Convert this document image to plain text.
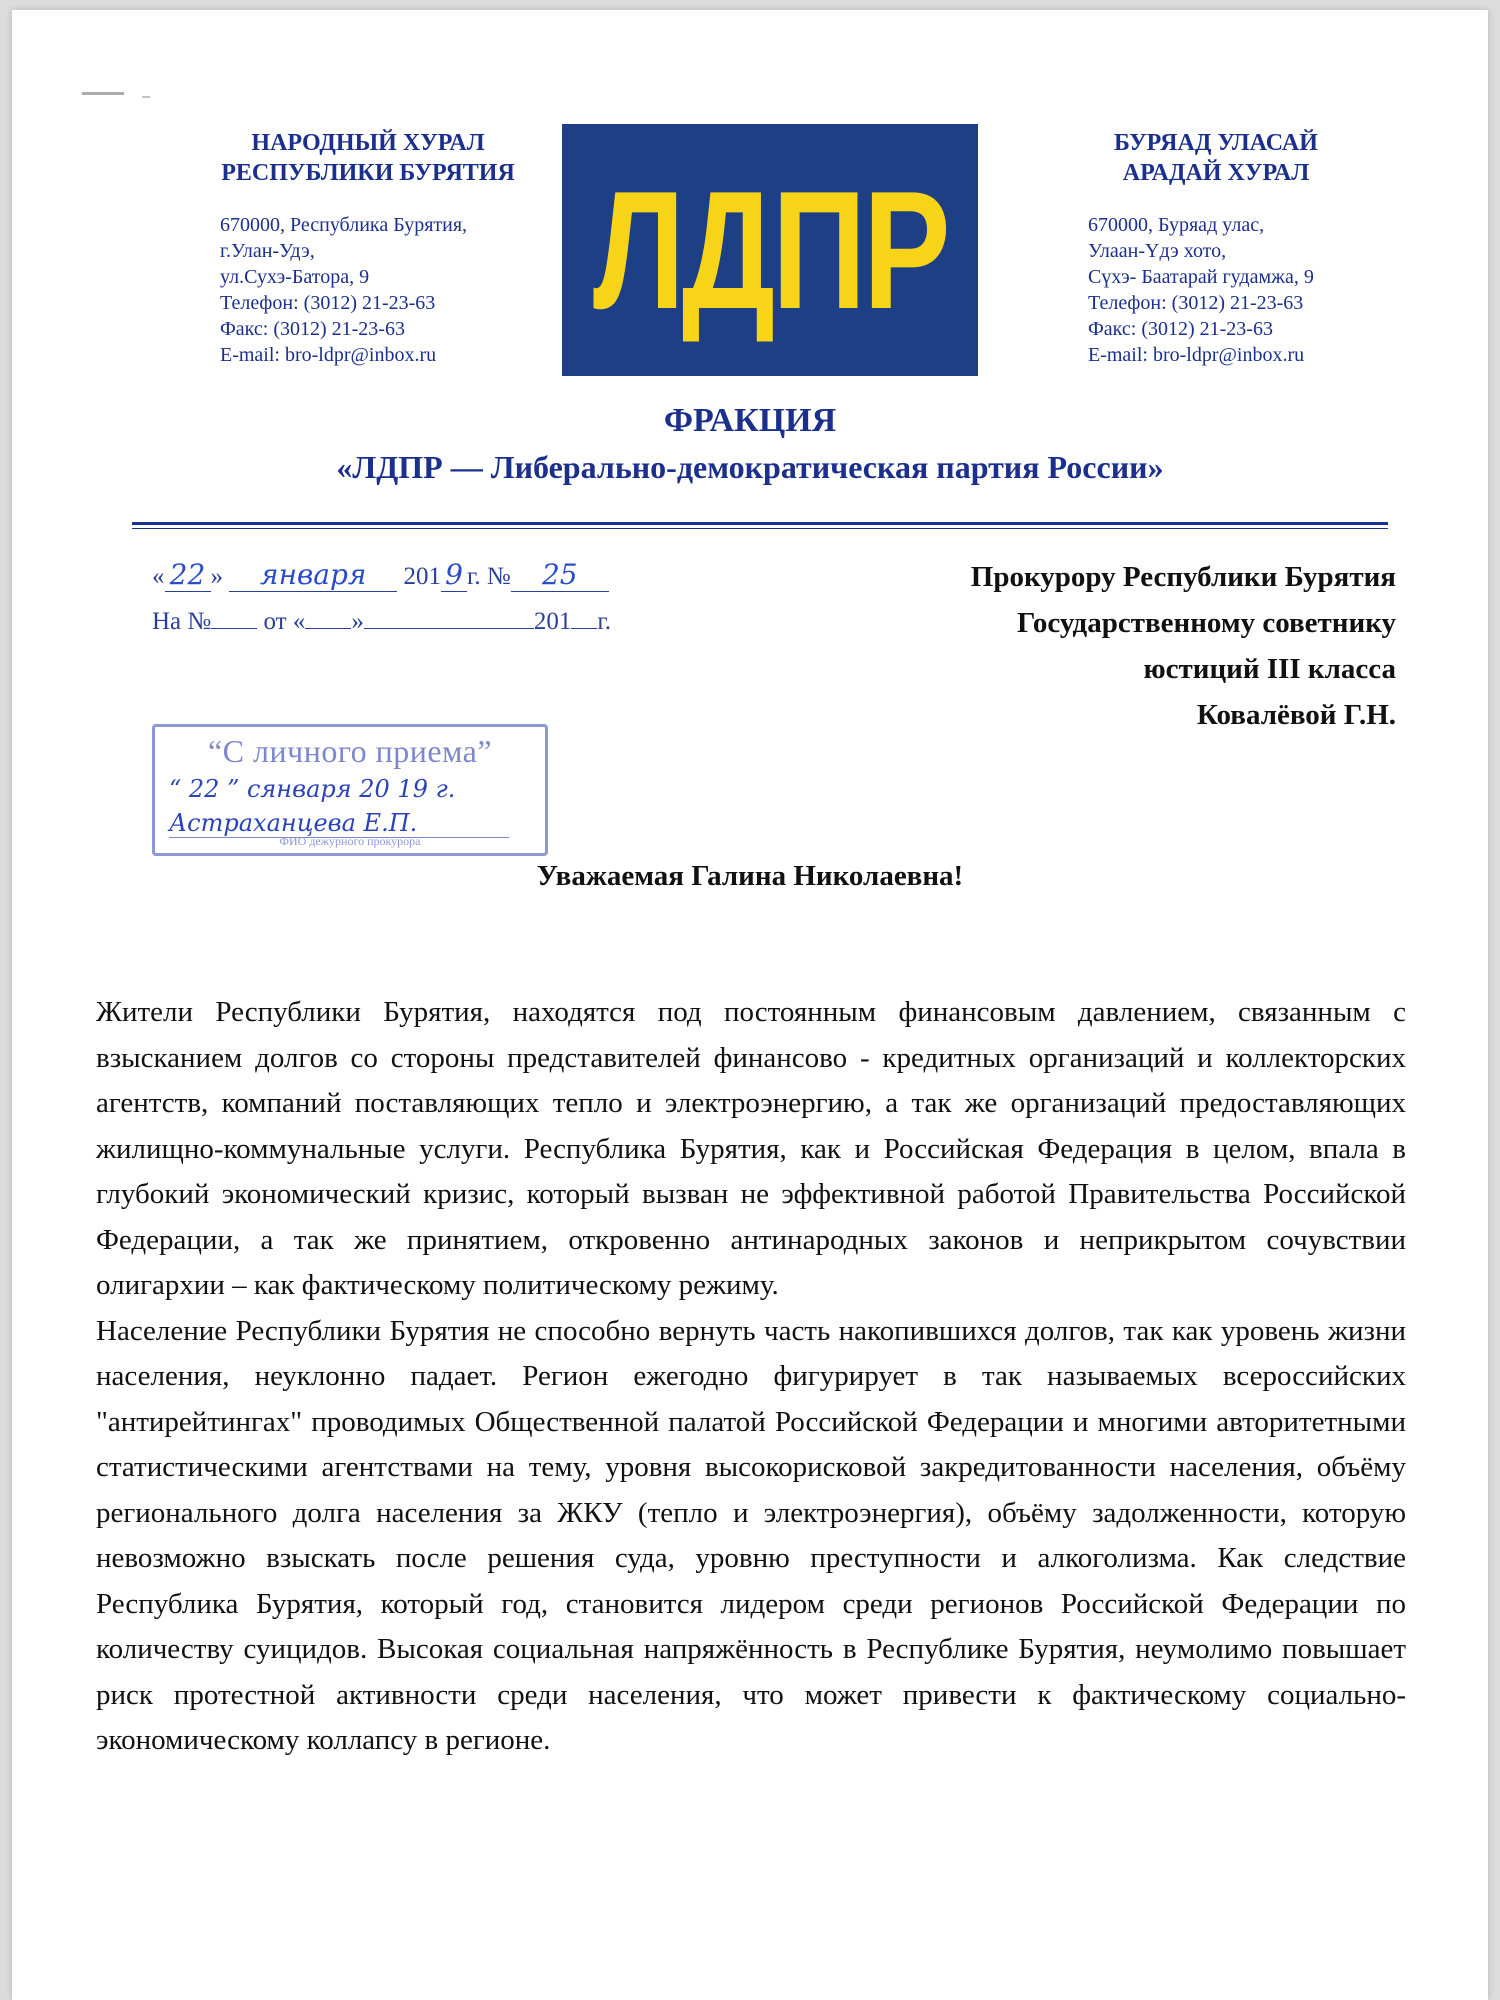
НАРОДНЫЙ ХУРАЛ
РЕСПУБЛИКИ БУРЯТИЯ
670000, Республика Бурятия,
г.Улан-Удэ,
ул.Сухэ-Батора, 9
Телефон: (3012) 21-23-63
Факс: (3012) 21-23-63
E-mail: bro-ldpr@inbox.ru
ЛДПР
БУРЯАД УЛАСАЙ
АРАДАЙ ХУРАЛ
670000, Буряад улас,
Улаан-Үдэ хото,
Сүхэ- Баатарай гудамжа, 9
Телефон: (3012) 21-23-63
Факс: (3012) 21-23-63
E-mail: bro-ldpr@inbox.ru
ФРАКЦИЯ
«ЛДПР — Либерально-демократическая партия России»
« 22 » января 201 9 г. № 25
На № от « »	201 г.
Прокурору Республики Бурятия
Государственному советнику
юстиций III класса
Ковалёвой Г.Н.
“С личного приема”
“ 22 ” сянваря 20 19 г.
Астраханцева Е.П.
ФИО дежурного прокурора
Уважаемая Галина Николаевна!

Жители Республики Бурятия, находятся под постоянным финансовым давлением, связанным с взысканием долгов со стороны представителей финансово - кредитных организаций и коллекторских агентств, компаний поставляющих тепло и электроэнергию, а так же организаций предоставляющих жилищно-коммунальные услуги. Республика Бурятия, как и Российская Федерация в целом, впала в глубокий экономический кризис, который вызван не эффективной работой Правительства Российской Федерации, а так же принятием, откровенно антинародных законов и неприкрытом сочувствии олигархии – как фактическому политическому режиму.

Население Республики Бурятия не способно вернуть часть накопившихся долгов, так как уровень жизни населения, неуклонно падает. Регион ежегодно фигурирует в так называемых всероссийских "антирейтингах" проводимых Общественной палатой Российской Федерации и многими авторитетными статистическими агентствами на тему, уровня высокорисковой закредитованности населения, объёму регионального долга населения за ЖКУ (тепло и электроэнергия), объёму задолженности, которую невозможно взыскать после решения суда, уровню преступности и алкоголизма. Как следствие Республика Бурятия, который год, становится лидером среди регионов Российской Федерации по количеству суицидов. Высокая социальная напряжённость в Республике Бурятия, неумолимо повышает риск протестной активности среди населения, что может привести к фактическому социально-экономическому коллапсу в регионе.
